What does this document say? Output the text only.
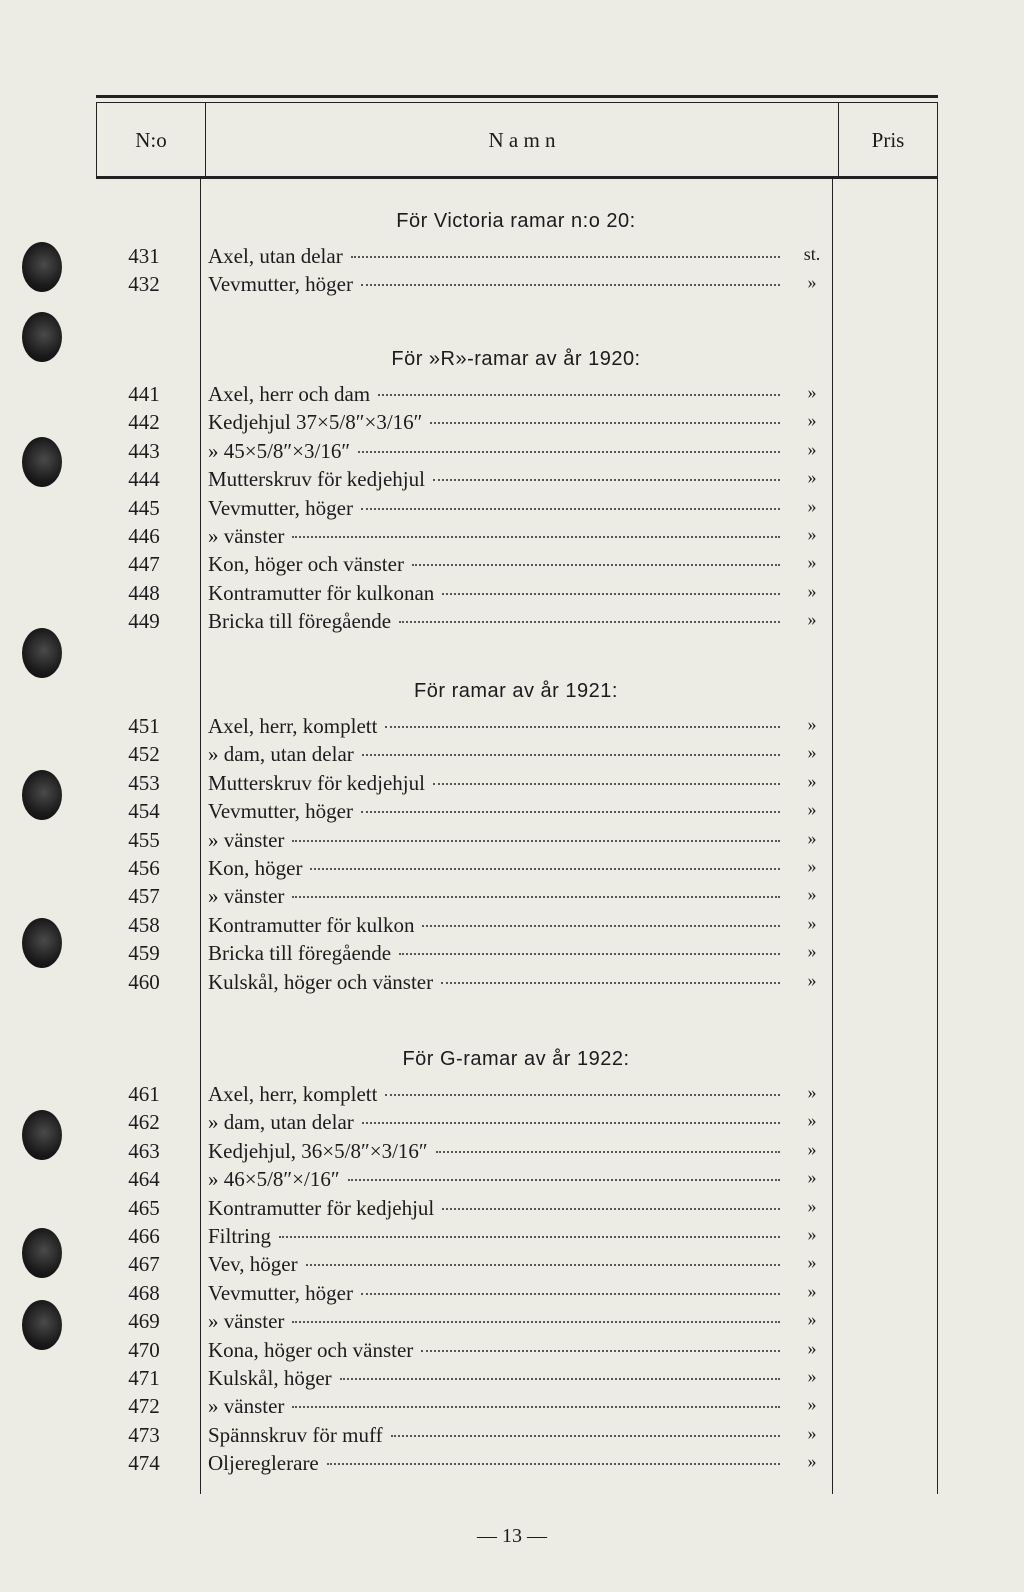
N:o	N a m n	Pris
För Victoria ramar n:o 20:
431	Axel, utan delar	st.
432	Vevmutter, höger	»
För »R»-ramar av år 1920:
441	Axel, herr och dam	»
442	Kedjehjul 37×5/8″×3/16″	»
443	» 45×5/8″×3/16″	»
444	Mutterskruv för kedjehjul	»
445	Vevmutter, höger	»
446	» vänster	»
447	Kon, höger och vänster	»
448	Kontramutter för kulkonan	»
449	Bricka till föregående	»
För ramar av år 1921:
451	Axel, herr, komplett	»
452	» dam, utan delar	»
453	Mutterskruv för kedjehjul	»
454	Vevmutter, höger	»
455	» vänster	»
456	Kon, höger	»
457	» vänster	»
458	Kontramutter för kulkon	»
459	Bricka till föregående	»
460	Kulskål, höger och vänster	»
För G-ramar av år 1922:
461	Axel, herr, komplett	»
462	» dam, utan delar	»
463	Kedjehjul, 36×5/8″×3/16″	»
464	» 46×5/8″×/16″	»
465	Kontramutter för kedjehjul	»
466	Filtring	»
467	Vev, höger	»
468	Vevmutter, höger	»
469	» vänster	»
470	Kona, höger och vänster	»
471	Kulskål, höger	»
472	» vänster	»
473	Spännskruv för muff	»
474	Oljereglerare	»
— 13 —
